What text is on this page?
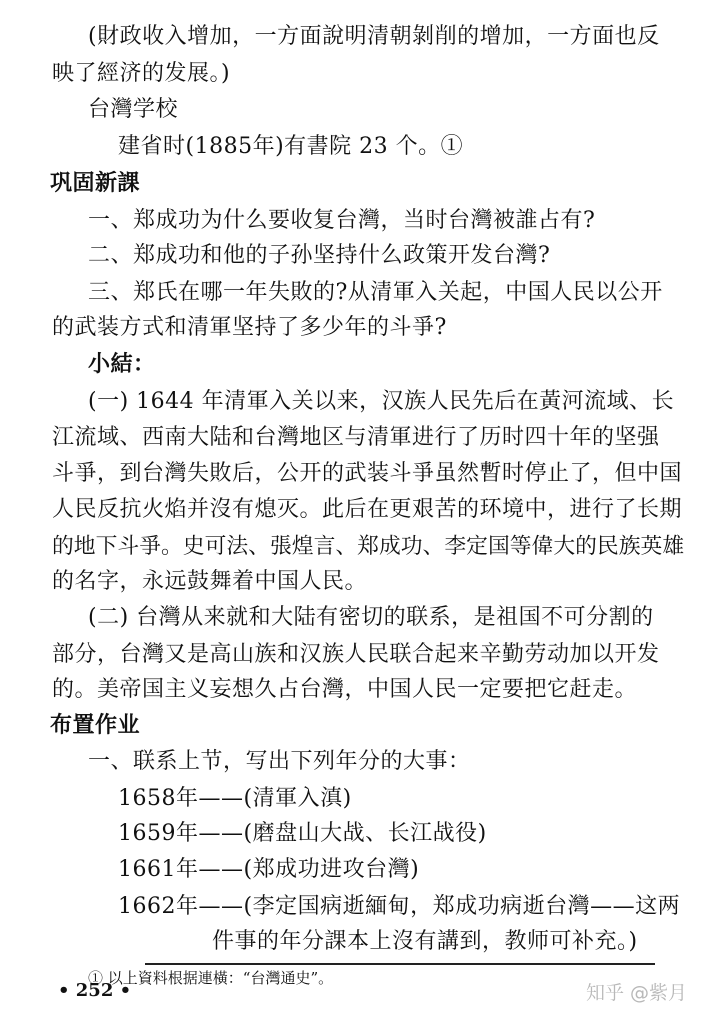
(財政收入增加，一方面說明清朝剝削的增加，一方面也反
映了經济的发展。)
台灣学校
建省时(1885年)有書院 23 个。①
巩固新課
一、郑成功为什么要收复台灣，当时台灣被誰占有?
二、郑成功和他的子孙坚持什么政策开发台灣?
三、郑氏在哪一年失敗的?从清軍入关起，中国人民以公开
的武装方式和清軍坚持了多少年的斗爭?
小結：
(一) 1644 年清軍入关以来，汉族人民先后在黃河流域、长
江流域、西南大陆和台灣地区与清軍进行了历时四十年的坚强
斗爭，到台灣失敗后，公开的武装斗爭虽然暫时停止了，但中国
人民反抗火焰并沒有熄灭。此后在更艰苦的环境中，进行了长期
的地下斗爭。史可法、張煌言、郑成功、李定国等偉大的民族英雄
的名字，永远鼓舞着中国人民。
(二) 台灣从来就和大陆有密切的联系，是祖国不可分割的
部分，台灣又是高山族和汉族人民联合起来辛勤劳动加以开发
的。美帝国主义妄想久占台灣，中国人民一定要把它赶走。
布置作业
一、联系上节，写出下列年分的大事：
1658年——(清軍入滇)
1659年——(磨盘山大战、长江战役)
1661年——(郑成功进攻台灣)
1662年——(李定国病逝緬甸，郑成功病逝台灣——这两
件事的年分課本上沒有講到，教师可补充。)
① 以上資料根据連橫：“台灣通史”。
• 252 •	知乎 @紫月
